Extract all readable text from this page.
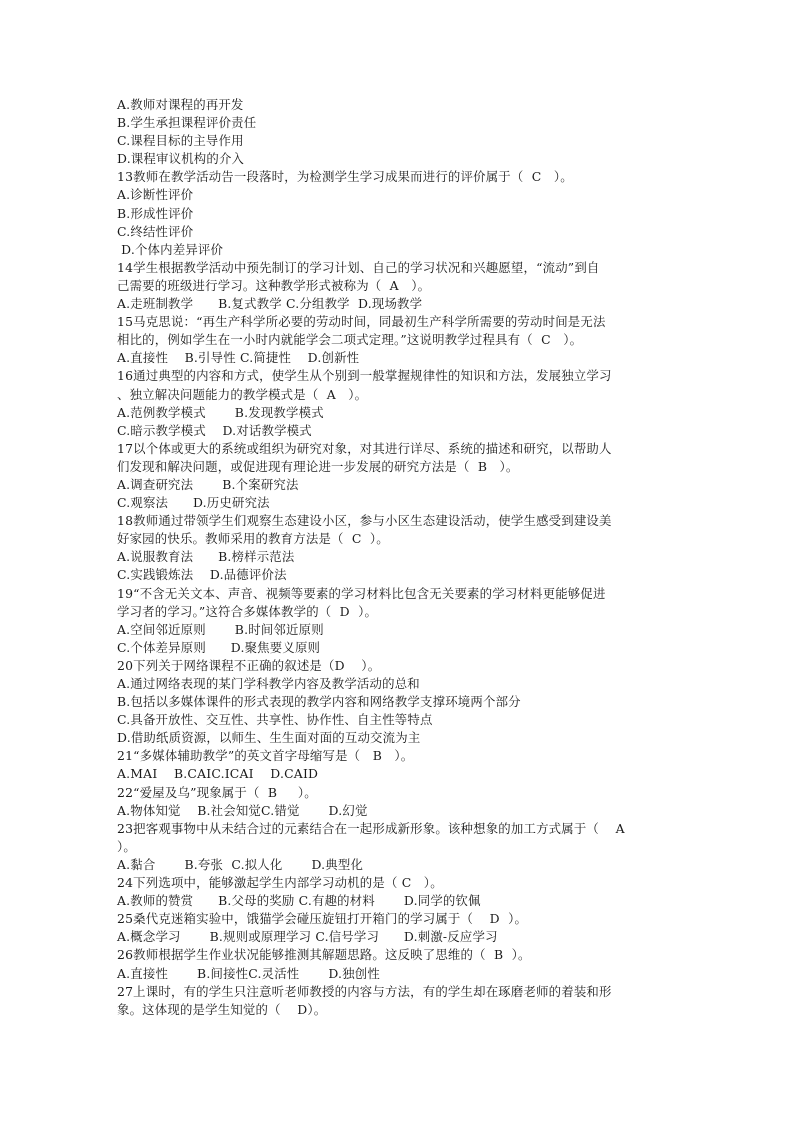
A.教师对课程的再开发
B.学生承担课程评价责任
C.课程目标的主导作用
D.课程审议机构的介入
13教师在教学活动告一段落时，为检测学生学习成果而进行的评价属于（  C   ）。
A.诊断性评价
B.形成性评价
C.终结性评价
D.个体内差异评价
14学生根据教学活动中预先制订的学习计划、自己的学习状况和兴趣愿望，“流动”到自
己需要的班级进行学习。这种教学形式被称为（  A   ）。
A.走班制教学      B.复式教学 C.分组教学  D.现场教学
15马克思说：“再生产科学所必要的劳动时间，同最初生产科学所需要的劳动时间是无法
相比的，例如学生在一小时内就能学会二项式定理。”这说明教学过程具有（  C   ）。
A.直接性    B.引导性 C.简捷性    D.创新性
16通过典型的内容和方式，使学生从个别到一般掌握规律性的知识和方法，发展独立学习
、独立解决问题能力的教学模式是（  A   ）。
A.范例教学模式       B.发现教学模式
C.暗示教学模式    D.对话教学模式
17以个体或更大的系统或组织为研究对象，对其进行详尽、系统的描述和研究，以帮助人
们发现和解决问题，或促进现有理论进一步发展的研究方法是（  B   ）。
A.调查研究法       B.个案研究法
C.观察法      D.历史研究法
18教师通过带领学生们观察生态建设小区，参与小区生态建设活动，使学生感受到建设美
好家园的快乐。教师采用的教育方法是（  C  ）。
A.说服教育法      B.榜样示范法
C.实践锻炼法    D.品德评价法
19“不含无关文本、声音、视频等要素的学习材料比包含无关要素的学习材料更能够促进
学习者的学习。”这符合多媒体教学的（  D  ）。
A.空间邻近原则       B.时间邻近原则
C.个体差异原则      D.聚焦要义原则
20下列关于网络课程不正确的叙述是（D    ）。
A.通过网络表现的某门学科教学内容及教学活动的总和
B.包括以多媒体课件的形式表现的教学内容和网络教学支撑环境两个部分
C.具备开放性、交互性、共享性、协作性、自主性等特点
D.借助纸质资源，以师生、生生面对面的互动交流为主
21“多媒体辅助教学”的英文首字母缩写是（   B   ）。
A.MAI    B.CAIC.ICAI    D.CAID
22“爱屋及乌”现象属于（  B     ）。
A.物体知觉    B.社会知觉C.错觉       D.幻觉
23把客观事物中从未结合过的元素结合在一起形成新形象。该种想象的加工方式属于（    A
）。
A.黏合       B.夸张  C.拟人化       D.典型化
24下列选项中，能够激起学生内部学习动机的是（ C   ）。
A.教师的赞赏      B.父母的奖励 C.有趣的材料       D.同学的钦佩
25桑代克迷箱实验中，饿猫学会碰压旋钮打开箱门的学习属于（    D  ）。
A.概念学习       B.规则或原理学习 C.信号学习      D.刺激-反应学习
26教师根据学生作业状况能够推测其解题思路。这反映了思维的（  B  ）。
A.直接性       B.间接性C.灵活性       D.独创性
27上课时，有的学生只注意听老师教授的内容与方法，有的学生却在琢磨老师的着装和形
象。这体现的是学生知觉的（    D）。
